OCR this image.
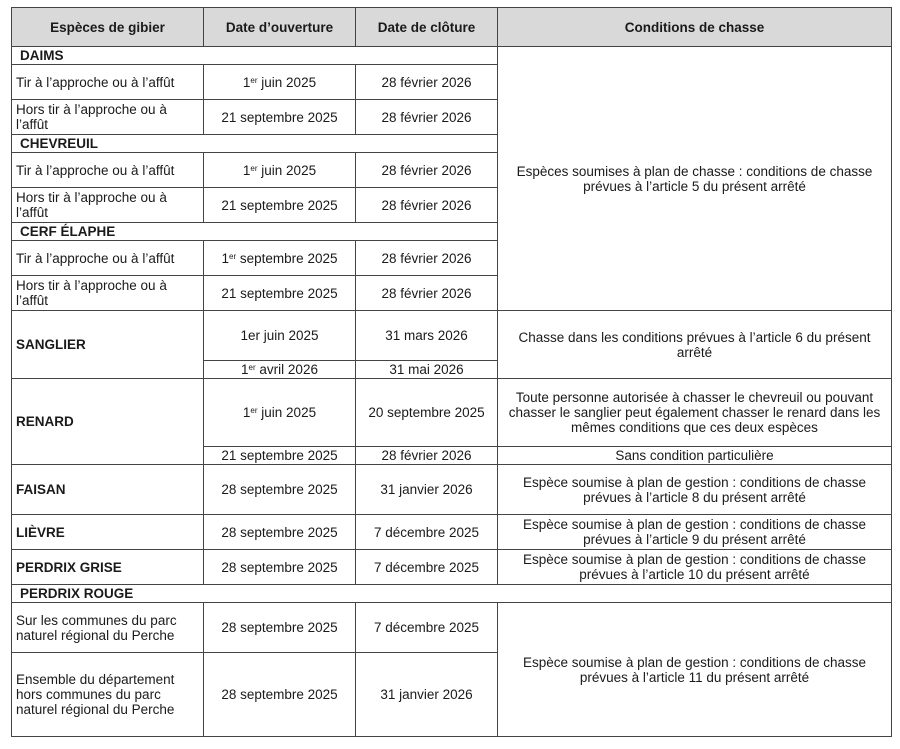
Espèces de gibier	Date d’ouverture	Date de clôture	Conditions de chasse
DAIMS			Espèces soumises à plan de chasse : conditions de chasse prévues à l’article 5 du présent arrêté
Tir à l’approche ou à l’affût	1er juin 2025	28 février 2026	
Hors tir à l’approche ou à l’affût	21 septembre 2025	28 février 2026	
CHEVREUIL			
Tir à l’approche ou à l’affût	1er juin 2025	28 février 2026	
Hors tir à l’approche ou à l’affût	21 septembre 2025	28 février 2026	
CERF ÉLAPHE			
Tir à l’approche ou à l’affût	1er septembre 2025	28 février 2026	
Hors tir à l’approche ou à l’affût	21 septembre 2025	28 février 2026	
SANGLIER	1er juin 2025	31 mars 2026	Chasse dans les conditions prévues à l’article 6 du présent arrêté
	1er avril 2026	31 mai 2026	
RENARD	1er juin 2025	20 septembre 2025	Toute personne autorisée à chasser le chevreuil ou pouvant chasser le sanglier peut également chasser le renard dans les mêmes conditions que ces deux espèces
	21 septembre 2025	28 février 2026	Sans condition particulière
FAISAN	28 septembre 2025	31 janvier 2026	Espèce soumise à plan de gestion : conditions de chasse prévues à l’article 8 du présent arrêté
LIÈVRE	28 septembre 2025	7 décembre 2025	Espèce soumise à plan de gestion : conditions de chasse prévues à l’article 9 du présent arrêté
PERDRIX GRISE	28 septembre 2025	7 décembre 2025	Espèce soumise à plan de gestion : conditions de chasse prévues à l’article 10 du présent arrêté
PERDRIX ROUGE			
Sur les communes du parc naturel régional du Perche	28 septembre 2025	7 décembre 2025	Espèce soumise à plan de gestion : conditions de chasse prévues à l’article 11 du présent arrêté
Ensemble du département hors communes du parc naturel régional du Perche	28 septembre 2025	31 janvier 2026	
